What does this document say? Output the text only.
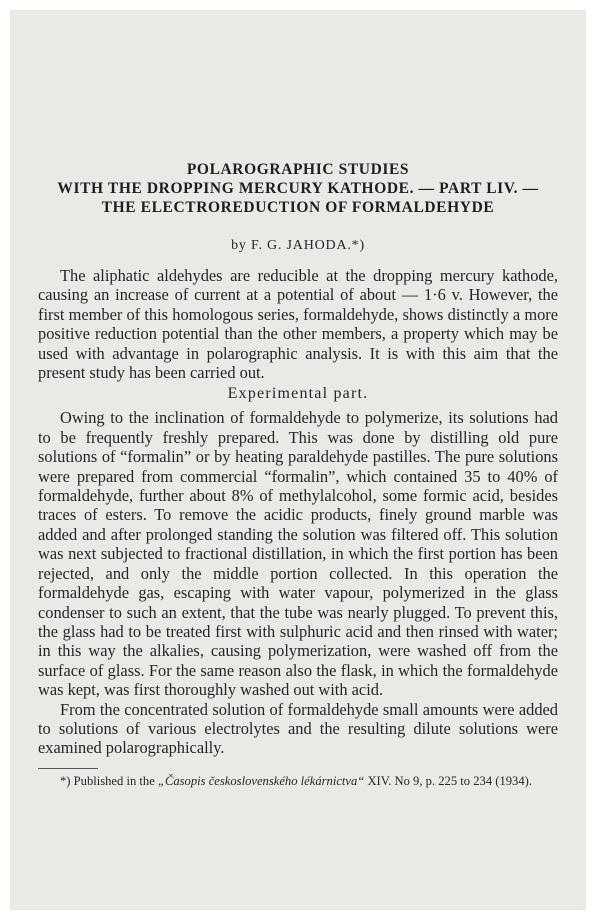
POLAROGRAPHIC STUDIES
WITH THE DROPPING MERCURY KATHODE. — PART LIV. —
THE ELECTROREDUCTION OF FORMALDEHYDE
by F. G. JAHODA.*)

The aliphatic aldehydes are reducible at the dropping mercury kathode, causing an increase of current at a potential of about — 1·6 v. However, the first member of this homologous series, formaldehyde, shows distinctly a more positive reduction potential than the other members, a property which may be used with advantage in polarographic analysis. It is with this aim that the present study has been carried out.

Experimental part.

Owing to the inclination of formaldehyde to polymerize, its solutions had to be frequently freshly prepared. This was done by distilling old pure solutions of “formalin” or by heating paraldehyde pastilles. The pure solutions were prepared from commercial “formalin”, which contained 35 to 40% of formaldehyde, further about 8% of methylalcohol, some formic acid, besides traces of esters. To remove the acidic products, finely ground marble was added and after prolonged standing the solution was filtered off. This solution was next subjected to fractional distillation, in which the first portion has been rejected, and only the middle portion collected. In this operation the formaldehyde gas, escaping with water vapour, polymerized in the glass condenser to such an extent, that the tube was nearly plugged. To prevent this, the glass had to be treated first with sulphuric acid and then rinsed with water; in this way the alkalies, causing polymerization, were washed off from the surface of glass. For the same reason also the flask, in which the formaldehyde was kept, was first thoroughly washed out with acid.

From the concentrated solution of formaldehyde small amounts were added to solutions of various electrolytes and the resulting dilute solutions were examined polarographically.

*) Published in the „Časopis československého lékárnictva“ XIV. No 9, p. 225 to 234 (1934).
